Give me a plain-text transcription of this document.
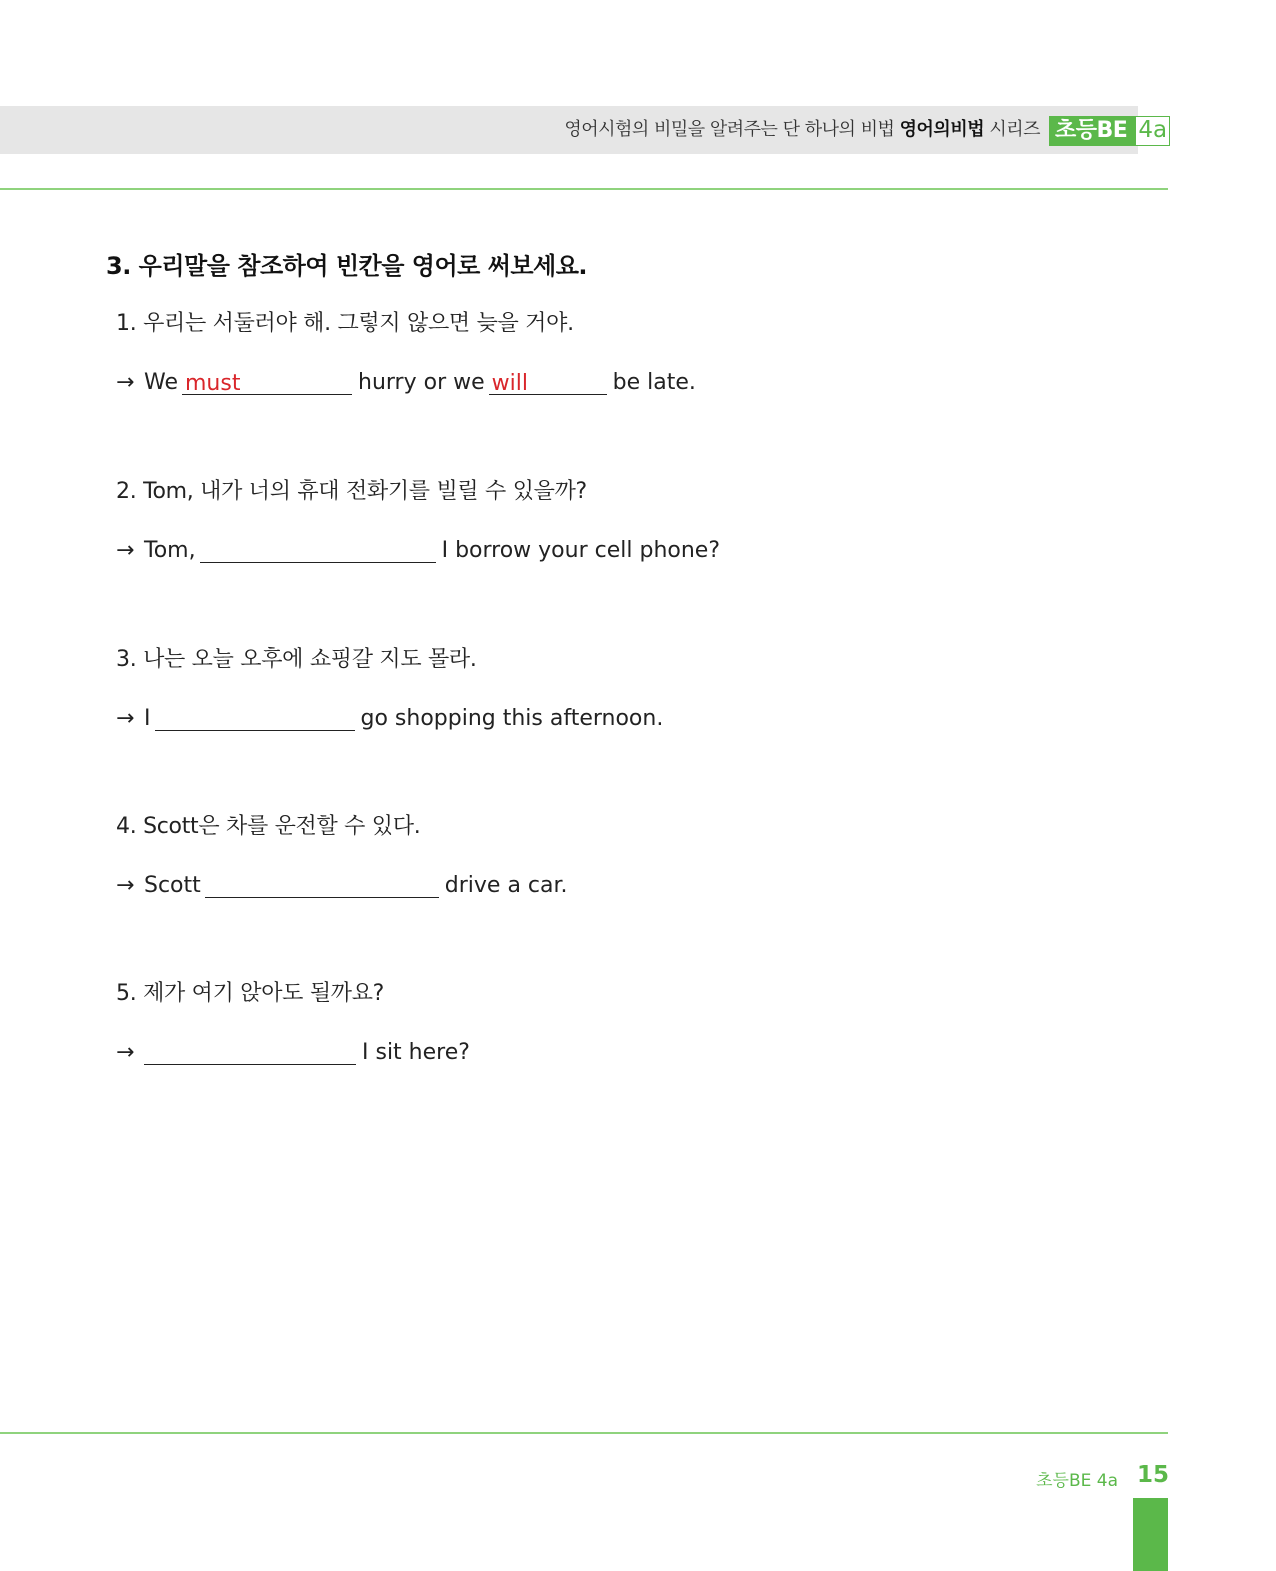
영어시험의 비밀을 알려주는 단 하나의 비법 영어의비법 시리즈 초등BE 4a
3. 우리말을 참조하여 빈칸을 영어로 써보세요.
1. 우리는 서둘러야 해. 그렇지 않으면 늦을 거야.
→ We must	hurry or we will	be late.
2. Tom, 내가 너의 휴대 전화기를 빌릴 수 있을까?
→ Tom,	I borrow your cell phone?
3. 나는 오늘 오후에 쇼핑갈 지도 몰라.
→ I	go shopping this afternoon.
4. Scott은 차를 운전할 수 있다.
→ Scott	drive a car.
5. 제가 여기 앉아도 될까요?
→	I sit here?
초등BE 4a 15
